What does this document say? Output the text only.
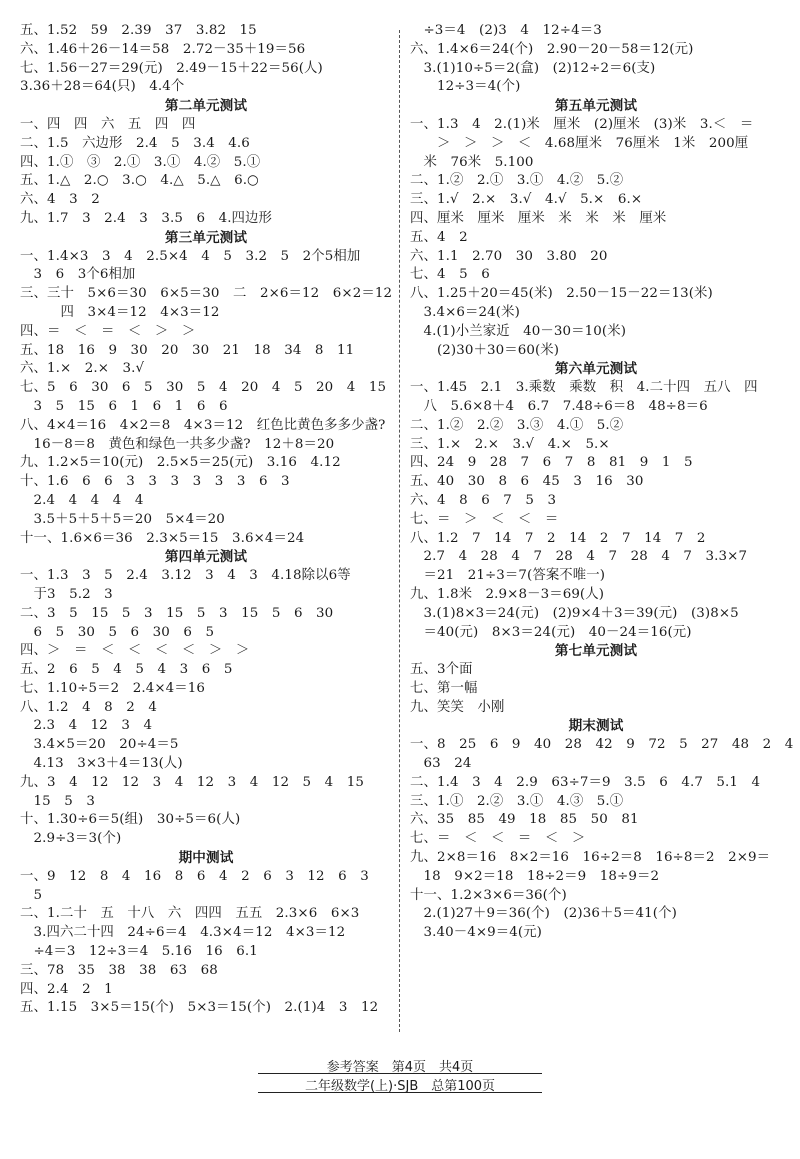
五、1.52　59　2.39　37　3.82　15
六、1.46＋26－14＝58　2.72－35＋19＝56
七、1.56－27＝29(元)　2.49－15＋22＝56(人)
3.36＋28＝64(只)　4.4个
第二单元测试
一、四　四　六　五　四　四
二、1.5　六边形　2.4　5　3.4　4.6
四、1.①　③　2.①　3.①　4.②　5.①
五、1.△　2.○　3.○　4.△　5.△　6.○
六、4　3　2
九、1.7　3　2.4　3　3.5　6　4.四边形
第三单元测试
一、1.4×3　3　4　2.5×4　4　5　3.2　5　2个5相加
　3　6　3个6相加
三、三十　5×6＝30　6×5＝30　二　2×6＝12　6×2＝12
　　　四　3×4＝12　4×3＝12
四、＝　＜　＝　＜　＞　＞
五、18　16　9　30　20　30　21　18　34　8　11
六、1.×　2.×　3.√
七、5　6　30　6　5　30　5　4　20　4　5　20　4　15
　3　5　15　6　1　6　1　6　6
八、4×4＝16　4×2＝8　4×3＝12　红色比黄色多多少盏?
　16－8＝8　黄色和绿色一共多少盏?　12＋8＝20
九、1.2×5＝10(元)　2.5×5＝25(元)　3.16　4.12
十、1.6　6　6　3　3　3　3　3　3　6　3
　2.4　4　4　4　4
　3.5＋5＋5＋5＝20　5×4＝20
十一、1.6×6＝36　2.3×5＝15　3.6×4＝24
第四单元测试
一、1.3　3　5　2.4　3.12　3　4　3　4.18除以6等
　于3　5.2　3
二、3　5　15　5　3　15　5　3　15　5　6　30
　6　5　30　5　6　30　6　5
四、＞　＝　＜　＜　＜　＜　＞　＞
五、2　6　5　4　5　4　3　6　5
七、1.10÷5＝2　2.4×4＝16
八、1.2　4　8　2　4
　2.3　4　12　3　4
　3.4×5＝20　20÷4＝5
　4.13　3×3＋4＝13(人)
九、3　4　12　12　3　4　12　3　4　12　5　4　15
　15　5　3
十、1.30÷6＝5(组)　30÷5＝6(人)
　2.9÷3＝3(个)
期中测试
一、9　12　8　4　16　8　6　4　2　6　3　12　6　3
　5
二、1.二十　五　十八　六　四四　五五　2.3×6　6×3
　3.四六二十四　24÷6＝4　4.3×4＝12　4×3＝12
　÷4＝3　12÷3＝4　5.16　16　6.1
三、78　35　38　38　63　68
四、2.4　2　1
五、1.15　3×5＝15(个)　5×3＝15(个)　2.(1)4　3　12
　÷3＝4　(2)3　4　12÷4＝3
六、1.4×6＝24(个)　2.90－20－58＝12(元)
　3.(1)10÷5＝2(盒)　(2)12÷2＝6(支)
　　12÷3＝4(个)
第五单元测试
一、1.3　4　2.(1)米　厘米　(2)厘米　(3)米　3.＜　＝
　　＞　＞　＞　＜　4.68厘米　76厘米　1米　200厘
　米　76米　5.100
二、1.②　2.①　3.①　4.②　5.②
三、1.√　2.×　3.√　4.√　5.×　6.×
四、厘米　厘米　厘米　米　米　米　厘米
五、4　2
六、1.1　2.70　30　3.80　20
七、4　5　6
八、1.25＋20＝45(米)　2.50－15－22＝13(米)
　3.4×6＝24(米)
　4.(1)小兰家近　40－30＝10(米)
　　(2)30＋30＝60(米)
第六单元测试
一、1.45　2.1　3.乘数　乘数　积　4.二十四　五八　四
　八　5.6×8＋4　6.7　7.48÷6＝8　48÷8＝6
二、1.②　2.②　3.③　4.①　5.②
三、1.×　2.×　3.√　4.×　5.×
四、24　9　28　7　6　7　8　81　9　1　5
五、40　30　8　6　45　3　16　30
六、4　8　6　7　5　3
七、＝　＞　＜　＜　＝
八、1.2　7　14　7　2　14　2　7　14　7　2
　2.7　4　28　4　7　28　4　7　28　4　7　3.3×7
　＝21　21÷3＝7(答案不唯一)
九、1.8米　2.9×8－3＝69(人)
　3.(1)8×3＝24(元)　(2)9×4＋3＝39(元)　(3)8×5
　＝40(元)　8×3＝24(元)　40－24＝16(元)
第七单元测试
五、3个面
七、第一幅
九、笑笑　小刚
期末测试
一、8　25　6　9　40　28　42　9　72　5　27　48　2　4
　63　24
二、1.4　3　4　2.9　63÷7＝9　3.5　6　4.7　5.1　4
三、1.①　2.②　3.①　4.③　5.①
六、35　85　49　18　85　50　81
七、＝　＜　＜　＝　＜　＞
九、2×8＝16　8×2＝16　16÷2＝8　16÷8＝2　2×9＝
　18　9×2＝18　18÷2＝9　18÷9＝2
十一、1.2×3×6＝36(个)
　2.(1)27＋9＝36(个)　(2)36＋5＝41(个)
　3.40－4×9＝4(元)
参考答案　第4页　共4页
二年级数学(上)·SJB　总第100页
